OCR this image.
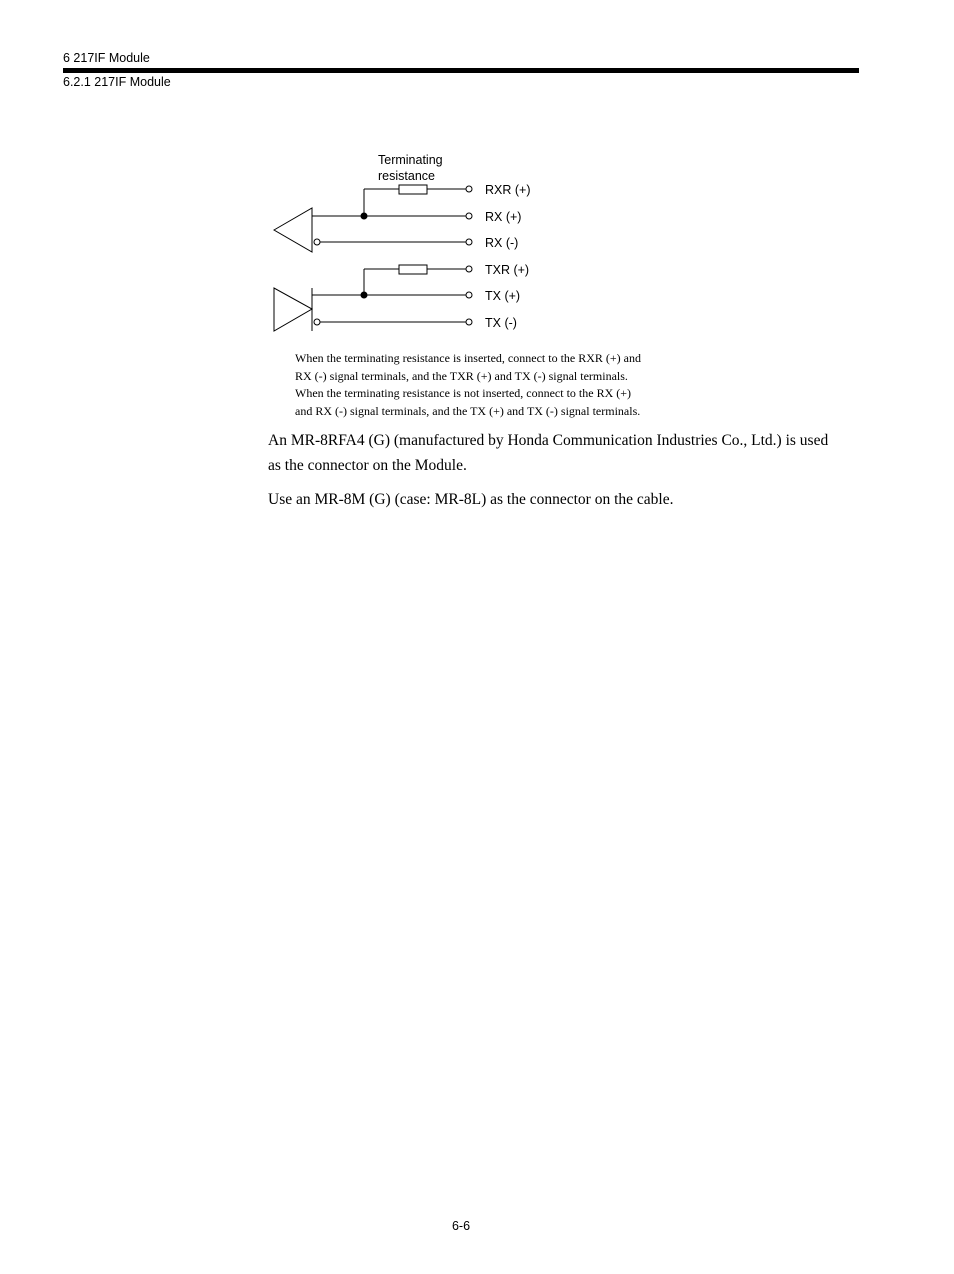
6 217IF Module
6.2.1 217IF Module
Terminating
resistance
RXR (+)
RX (+)
RX (-)
TXR (+)
TX (+)
TX (-)
When the terminating resistance is inserted, connect to the RXR (+) and
RX (-) signal terminals, and the TXR (+) and TX (-) signal terminals.
When the terminating resistance is not inserted, connect to the RX (+)
and RX (-) signal terminals, and the TX (+) and TX (-) signal terminals.
An MR-8RFA4 (G) (manufactured by Honda Communication Industries Co., Ltd.) is used
as the connector on the Module.
Use an MR-8M (G) (case: MR-8L) as the connector on the cable.
6-6
